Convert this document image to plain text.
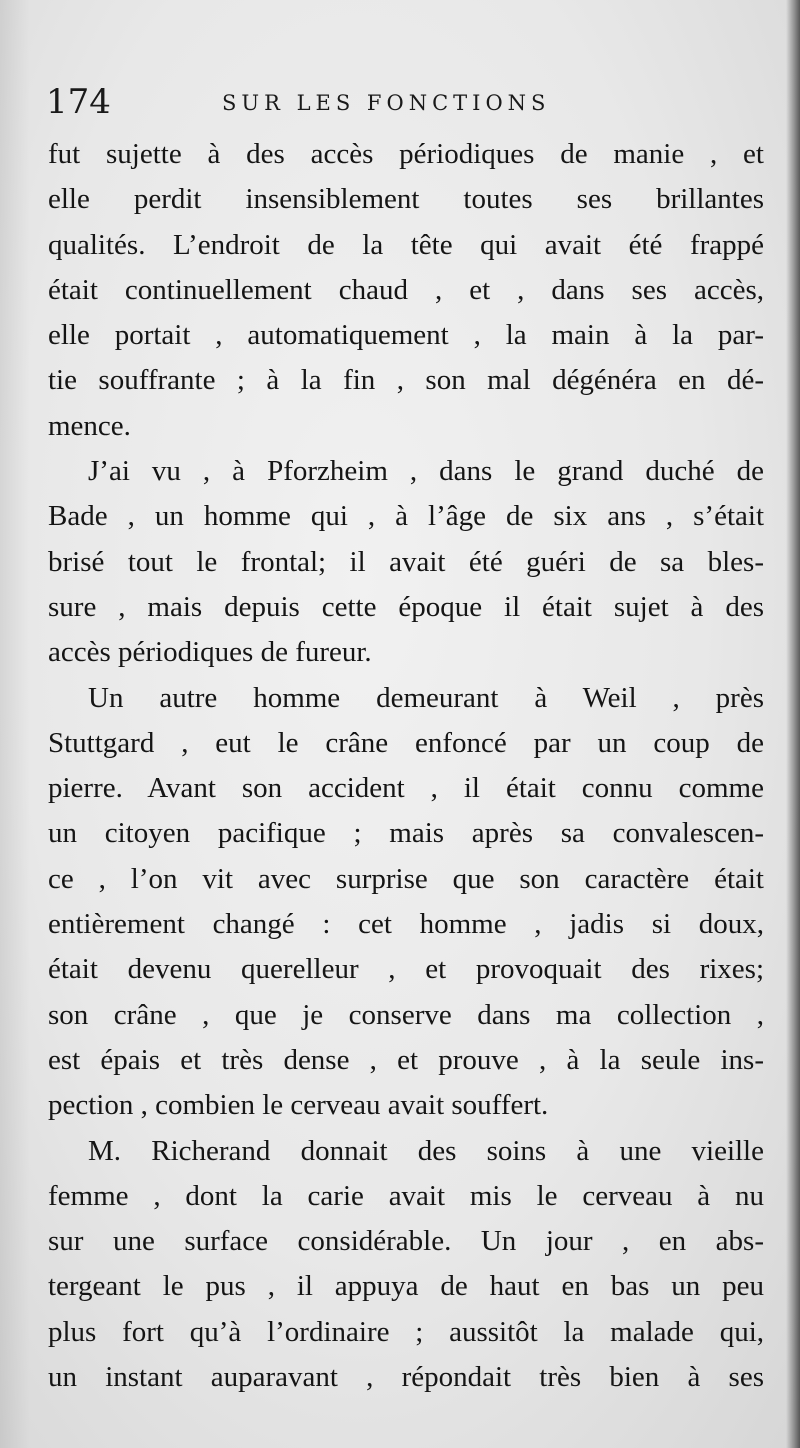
174	SUR LES FONCTIONS
fut sujette à des accès périodiques de manie , et
elle perdit insensiblement toutes ses brillantes
qualités. L’endroit de la tête qui avait été frappé
était continuellement chaud , et , dans ses accès,
elle portait , automatiquement , la main à la par-
tie souffrante ; à la fin , son mal dégénéra en dé-
mence.
J’ai vu , à Pforzheim , dans le grand duché de
Bade , un homme qui , à l’âge de six ans , s’était
brisé tout le frontal; il avait été guéri de sa bles-
sure , mais depuis cette époque il était sujet à des
accès périodiques de fureur.
Un autre homme demeurant à Weil , près
Stuttgard , eut le crâne enfoncé par un coup de
pierre. Avant son accident , il était connu comme
un citoyen pacifique ; mais après sa convalescen-
ce , l’on vit avec surprise que son caractère était
entièrement changé : cet homme , jadis si doux,
était devenu querelleur , et provoquait des rixes;
son crâne , que je conserve dans ma collection ,
est épais et très dense , et prouve , à la seule ins-
pection , combien le cerveau avait souffert.
M. Richerand donnait des soins à une vieille
femme , dont la carie avait mis le cerveau à nu
sur une surface considérable. Un jour , en abs-
tergeant le pus , il appuya de haut en bas un peu
plus fort qu’à l’ordinaire ; aussitôt la malade qui,
un instant auparavant , répondait très bien à ses
